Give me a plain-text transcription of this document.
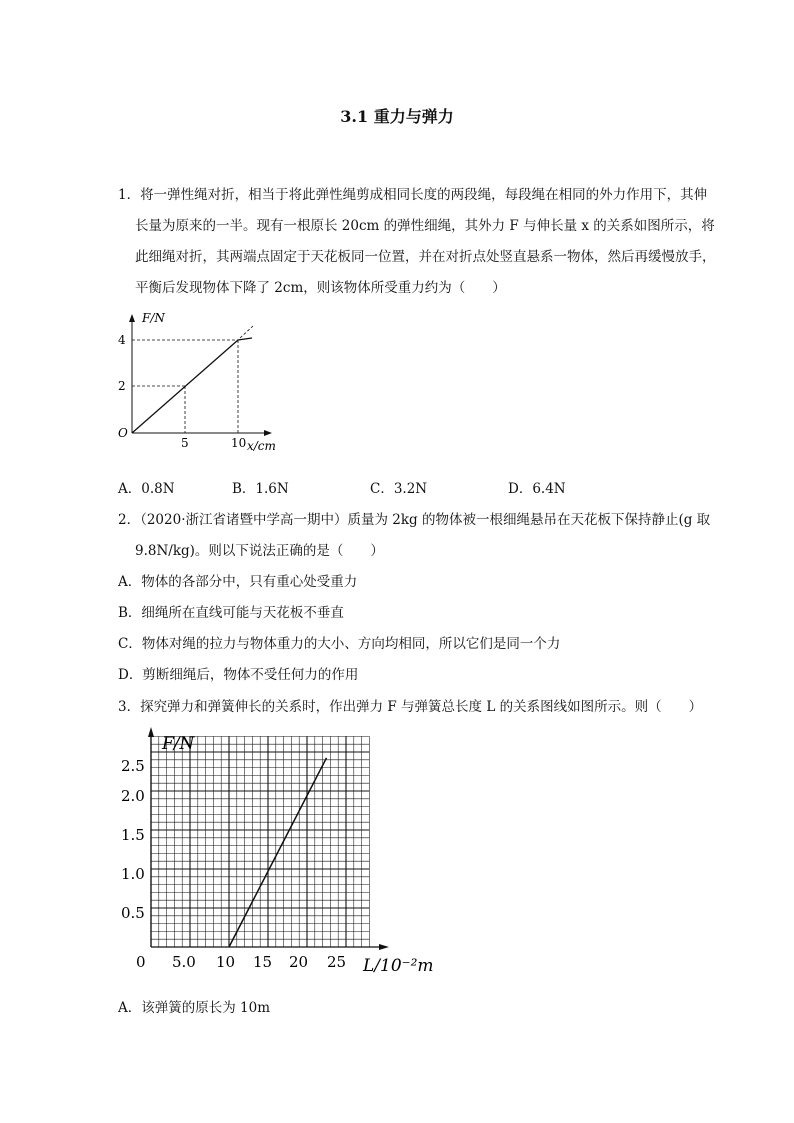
3.1 重力与弹力
1．将一弹性绳对折，相当于将此弹性绳剪成相同长度的两段绳，每段绳在相同的外力作用下，其伸
长量为原来的一半。现有一根原长 20cm 的弹性细绳，其外力 F 与伸长量 x 的关系如图所示，将
此细绳对折，其两端点固定于天花板同一位置，并在对折点处竖直悬系一物体，然后再缓慢放手，
平衡后发现物体下降了 2cm，则该物体所受重力约为（　　）
F/N
O
2
4
5	10 x/cm
A．0.8N	B．1.6N	C．3.2N	D．6.4N
2．（2020·浙江省诸暨中学高一期中）质量为 2kg 的物体被一根细绳悬吊在天花板下保持静止(g 取
9.8N/kg)。则以下说法正确的是（　　）
A．物体的各部分中，只有重心处受重力
B．细绳所在直线可能与天花板不垂直
C．物体对绳的拉力与物体重力的大小、方向均相同，所以它们是同一个力
D．剪断细绳后，物体不受任何力的作用
3．探究弹力和弹簧伸长的关系时，作出弹力 F 与弹簧总长度 L 的关系图线如图所示。则（　　）
F/N
L/10⁻²m
0.5
1.0
1.5
2.0
2.5
0 5.0 10 15 20 25
A．该弹簧的原长为 10m
